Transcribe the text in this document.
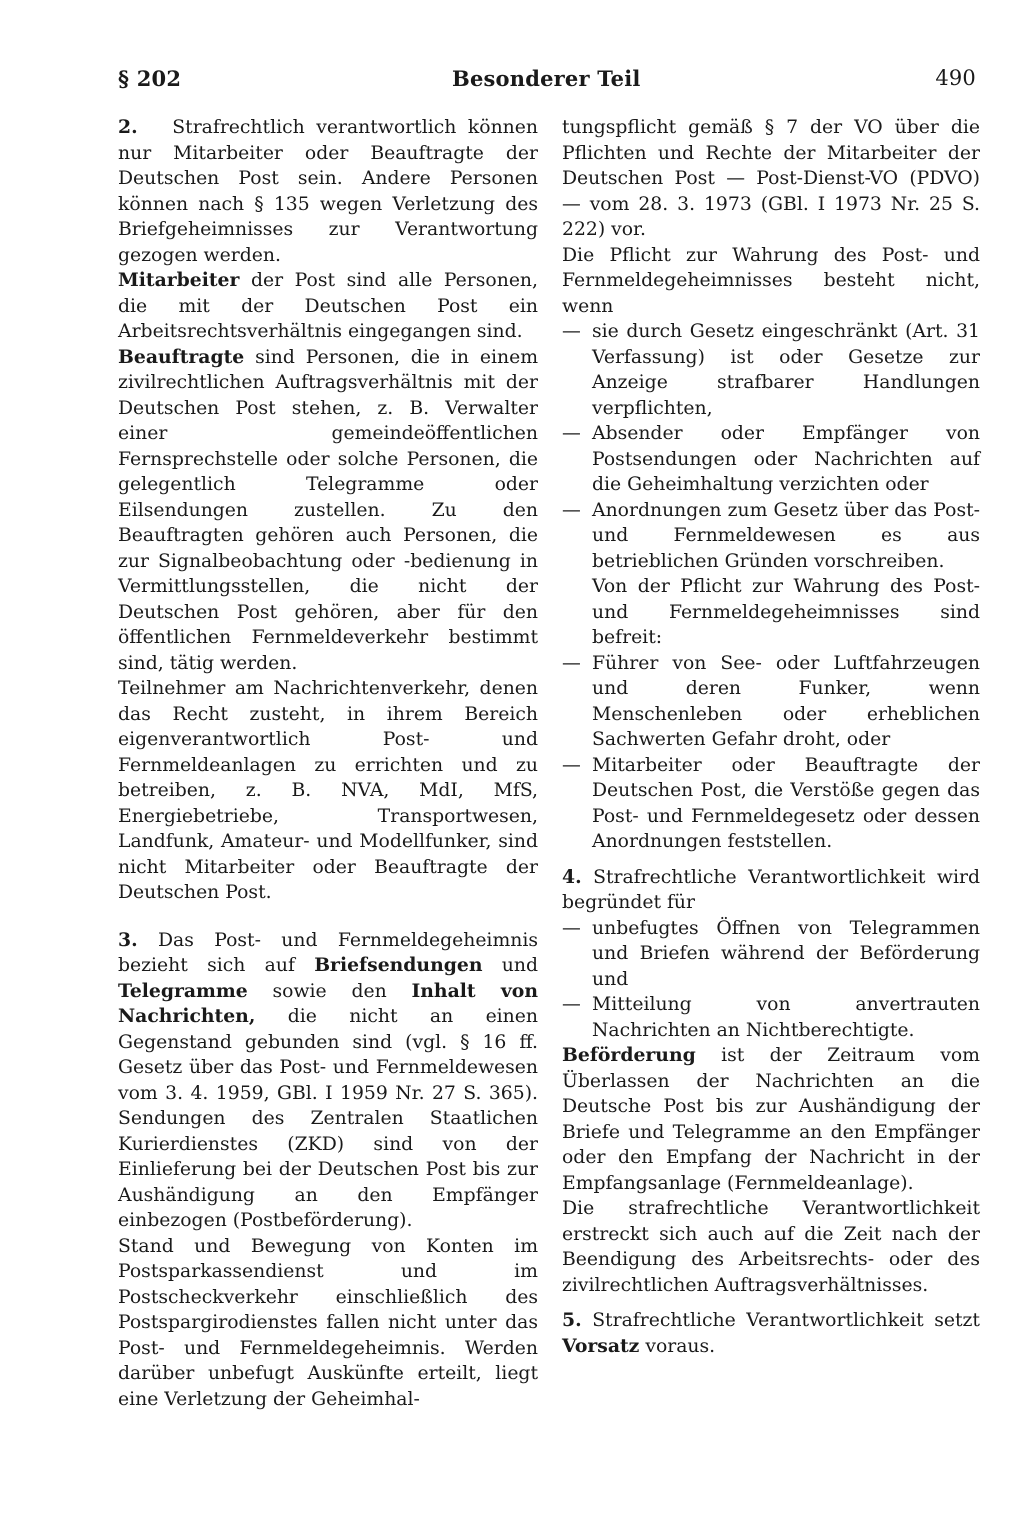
§ 202	Besonderer Teil	490

2. Strafrechtlich verantwortlich können nur Mitarbeiter oder Beauftragte der Deutschen Post sein. Andere Personen können nach § 135 wegen Verletzung des Briefgeheimnisses zur Verantwortung gezogen werden.

Mitarbeiter der Post sind alle Personen, die mit der Deutschen Post ein Arbeitsrechtsverhältnis eingegangen sind.

Beauftragte sind Personen, die in einem zivilrechtlichen Auftragsverhältnis mit der Deutschen Post stehen, z. B. Verwalter einer gemeindeöffentlichen Fernsprechstelle oder solche Personen, die gelegentlich Telegramme oder Eilsendungen zustellen. Zu den Beauftragten gehören auch Personen, die zur Signalbeobachtung oder -bedienung in Vermittlungsstellen, die nicht der Deutschen Post gehören, aber für den öffentlichen Fernmeldeverkehr bestimmt sind, tätig werden.

Teilnehmer am Nachrichtenverkehr, denen das Recht zusteht, in ihrem Bereich eigenverantwortlich Post- und Fernmeldeanlagen zu errichten und zu betreiben, z. B. NVA, MdI, MfS, Energiebetriebe, Transportwesen, Landfunk, Amateur- und Modellfunker, sind nicht Mitarbeiter oder Beauftragte der Deutschen Post.

3. Das Post- und Fernmeldegeheimnis bezieht sich auf Briefsendungen und Telegramme sowie den Inhalt von Nachrichten, die nicht an einen Gegenstand gebunden sind (vgl. § 16 ff. Gesetz über das Post- und Fernmeldewesen vom 3. 4. 1959, GBl. I 1959 Nr. 27 S. 365). Sendungen des Zentralen Staatlichen Kurierdienstes (ZKD) sind von der Einlieferung bei der Deutschen Post bis zur Aushändigung an den Empfänger einbezogen (Postbeförderung).

Stand und Bewegung von Konten im Postsparkassendienst und im Postscheckverkehr einschließlich des Postspargirodienstes fallen nicht unter das Post- und Fernmeldegeheimnis. Werden darüber unbefugt Auskünfte erteilt, liegt eine Verletzung der Geheimhal-

tungspflicht gemäß § 7 der VO über die Pflichten und Rechte der Mitarbeiter der Deutschen Post — Post-Dienst-VO (PDVO) — vom 28. 3. 1973 (GBl. I 1973 Nr. 25 S. 222) vor.

Die Pflicht zur Wahrung des Post- und Fernmeldegeheimnisses besteht nicht, wenn

— sie durch Gesetz eingeschränkt (Art. 31 Verfassung) ist oder Gesetze zur Anzeige strafbarer Handlungen verpflichten,

— Absender oder Empfänger von Postsendungen oder Nachrichten auf die Geheimhaltung verzichten oder

— Anordnungen zum Gesetz über das Post- und Fernmeldewesen es aus betrieblichen Gründen vorschreiben.

Von der Pflicht zur Wahrung des Post- und Fernmeldegeheimnisses sind befreit:

— Führer von See- oder Luftfahrzeugen und deren Funker, wenn Menschenleben oder erheblichen Sachwerten Gefahr droht, oder

— Mitarbeiter oder Beauftragte der Deutschen Post, die Verstöße gegen das Post- und Fernmeldegesetz oder dessen Anordnungen feststellen.

4. Strafrechtliche Verantwortlichkeit wird begründet für

— unbefugtes Öffnen von Telegrammen und Briefen während der Beförderung und

— Mitteilung von anvertrauten Nachrichten an Nichtberechtigte.

Beförderung ist der Zeitraum vom Überlassen der Nachrichten an die Deutsche Post bis zur Aushändigung der Briefe und Telegramme an den Empfänger oder den Empfang der Nachricht in der Empfangsanlage (Fernmeldeanlage).

Die strafrechtliche Verantwortlichkeit erstreckt sich auch auf die Zeit nach der Beendigung des Arbeitsrechts- oder des zivilrechtlichen Auftragsverhältnisses.

5. Strafrechtliche Verantwortlichkeit setzt Vorsatz voraus.
